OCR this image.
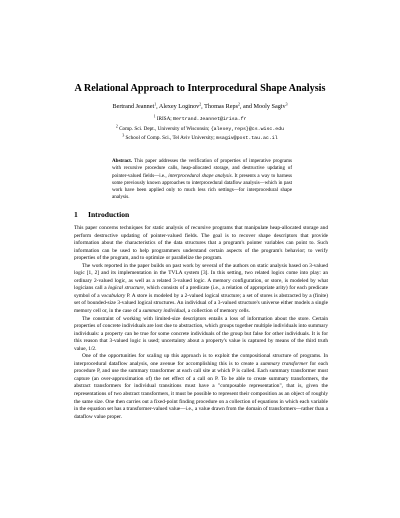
A Relational Approach to Interprocedural Shape Analysis
Bertrand Jeannet$^1$, Alexey Loginov$^2$, Thomas Reps$^2$, and Mooly Sagiv$^3$
$^1$ IRISA; Bertrand.Jeannet@irisa.fr
$^2$ Comp. Sci. Dept., University of Wisconsin; {alexey,reps}@cs.wisc.edu
$^3$ School of Comp. Sci., Tel Aviv University; msagiv@post.tau.ac.il
Abstract. This paper addresses the verification of properties of imperative programs with recursive procedure calls, heap-allocated storage, and destructive updating of pointer-valued fields—i.e., interprocedural shape analysis. It presents a way to harness some previously known approaches to interprocedural dataflow analysis—which in past work have been applied only to much less rich settings—for interprocedural shape analysis.
1 Introduction

This paper concerns techniques for static analysis of recursive programs that manipulate heap-allocated storage and perform destructive updating of pointer-valued fields. The goal is to recover shape descriptors that provide information about the characteristics of the data structures that a program's pointer variables can point to. Such information can be used to help programmers understand certain aspects of the program's behavior; to verify properties of the program, and to optimize or parallelize the program.

The work reported in the paper builds on past work by several of the authors on static analysis based on 3-valued logic [1, 2] and its implementation in the TVLA system [3]. In this setting, two related logics come into play: an ordinary 2-valued logic, as well as a related 3-valued logic. A memory configuration, or store, is modeled by what logicians call a logical structure, which consists of a predicate (i.e., a relation of appropriate arity) for each predicate symbol of a vocabulary P. A store is modeled by a 2-valued logical structure; a set of stores is abstracted by a (finite) set of bounded-size 3-valued logical structures. An individual of a 3-valued structure's universe either models a single memory cell or, in the case of a summary individual, a collection of memory cells.

The constraint of working with limited-size descriptors entails a loss of information about the store. Certain properties of concrete individuals are lost due to abstraction, which groups together multiple individuals into summary individuals: a property can be true for some concrete individuals of the group but false for other individuals. It is for this reason that 3-valued logic is used; uncertainty about a property's value is captured by means of the third truth value, 1/2.

One of the opportunities for scaling up this approach is to exploit the compositional structure of programs. In interprocedural dataflow analysis, one avenue for accomplishing this is to create a summary transformer for each procedure P, and use the summary transformer at each call site at which P is called. Each summary transformer must capture (an over-approximation of) the net effect of a call on P. To be able to create summary transformers, the abstract transformers for individual transitions must have a "composable representation", that is, given the representations of two abstract transformers, it must be possible to represent their composition as an object of roughly the same size. One then carries out a fixed-point finding procedure on a collection of equations in which each variable in the equation set has a transformer-valued value—i.e., a value drawn from the domain of transformers—rather than a dataflow value proper.
